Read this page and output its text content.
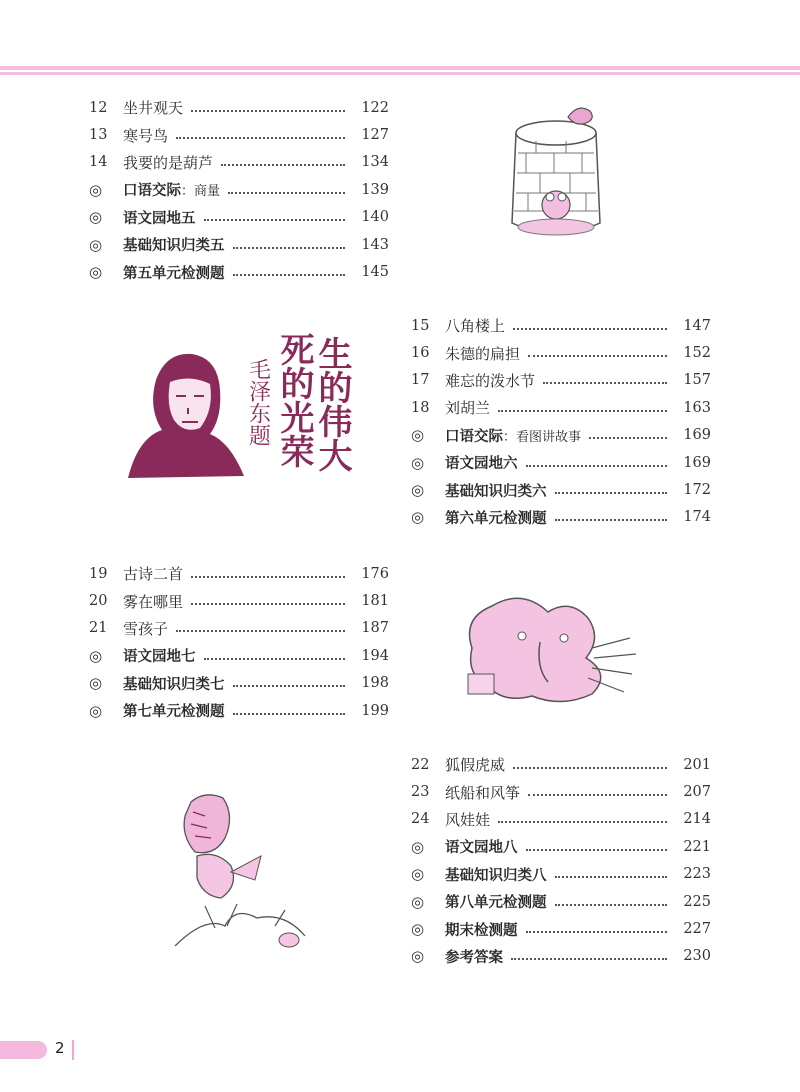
12	坐井观天	122
13	寒号鸟	127
14	我要的是葫芦	134
◎	口语交际：商量	139
◎	语文园地五	140
◎	基础知识归类五	143
◎	第五单元检测题	145
15	八角楼上	147
16	朱德的扁担	152
17	难忘的泼水节	157
18	刘胡兰	163
◎	口语交际：看图讲故事	169
◎	语文园地六	169
◎	基础知识归类六	172
◎	第六单元检测题	174
19	古诗二首	176
20	雾在哪里	181
21	雪孩子	187
◎	语文园地七	194
◎	基础知识归类七	198
◎	第七单元检测题	199
22	狐假虎威	201
23	纸船和风筝	207
24	风娃娃	214
◎	语文园地八	221
◎	基础知识归类八	223
◎	第八单元检测题	225
◎	期末检测题	227
◎	参考答案	230
生的伟大
死的光荣
毛泽东题
2
